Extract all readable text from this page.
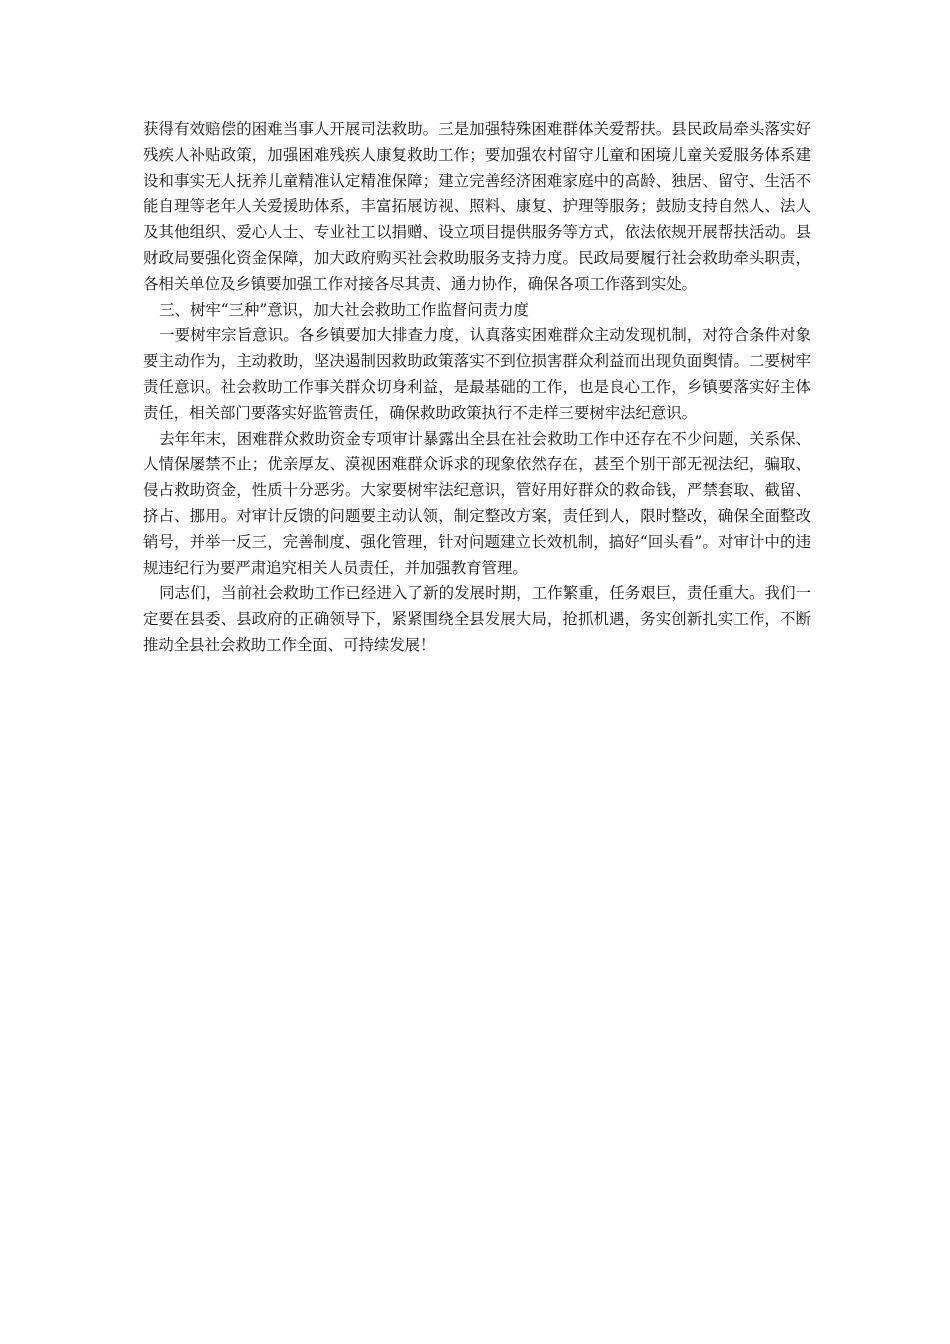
获得有效赔偿的困难当事人开展司法救助。三是加强特殊困难群体关爱帮扶。县民政局牵头落实好残疾人补贴政策，加强困难残疾人康复救助工作；要加强农村留守儿童和困境儿童关爱服务体系建设和事实无人抚养儿童精准认定精准保障；建立完善经济困难家庭中的高龄、独居、留守、生活不能自理等老年人关爱援助体系，丰富拓展访视、照料、康复、护理等服务；鼓励支持自然人、法人及其他组织、爱心人士、专业社工以捐赠、设立项目提供服务等方式，依法依规开展帮扶活动。县财政局要强化资金保障，加大政府购买社会救助服务支持力度。民政局要履行社会救助牵头职责，各相关单位及乡镇要加强工作对接各尽其责、通力协作，确保各项工作落到实处。

三、树牢“三种”意识，加大社会救助工作监督问责力度

一要树牢宗旨意识。各乡镇要加大排查力度，认真落实困难群众主动发现机制，对符合条件对象要主动作为，主动救助，坚决遏制因救助政策落实不到位损害群众利益而出现负面舆情。二要树牢责任意识。社会救助工作事关群众切身利益，是最基础的工作，也是良心工作，乡镇要落实好主体责任，相关部门要落实好监管责任，确保救助政策执行不走样三要树牢法纪意识。

去年年末，困难群众救助资金专项审计暴露出全县在社会救助工作中还存在不少问题，关系保、人情保屡禁不止；优亲厚友、漠视困难群众诉求的现象依然存在，甚至个别干部无视法纪，骗取、侵占救助资金，性质十分恶劣。大家要树牢法纪意识，管好用好群众的救命钱，严禁套取、截留、挤占、挪用。对审计反馈的问题要主动认领，制定整改方案，责任到人，限时整改，确保全面整改销号，并举一反三，完善制度、强化管理，针对问题建立长效机制，搞好“回头看”。对审计中的违规违纪行为要严肃追究相关人员责任，并加强教育管理。

同志们，当前社会救助工作已经进入了新的发展时期，工作繁重，任务艰巨，责任重大。我们一定要在县委、县政府的正确领导下，紧紧围绕全县发展大局，抢抓机遇，务实创新扎实工作，不断推动全县社会救助工作全面、可持续发展！
